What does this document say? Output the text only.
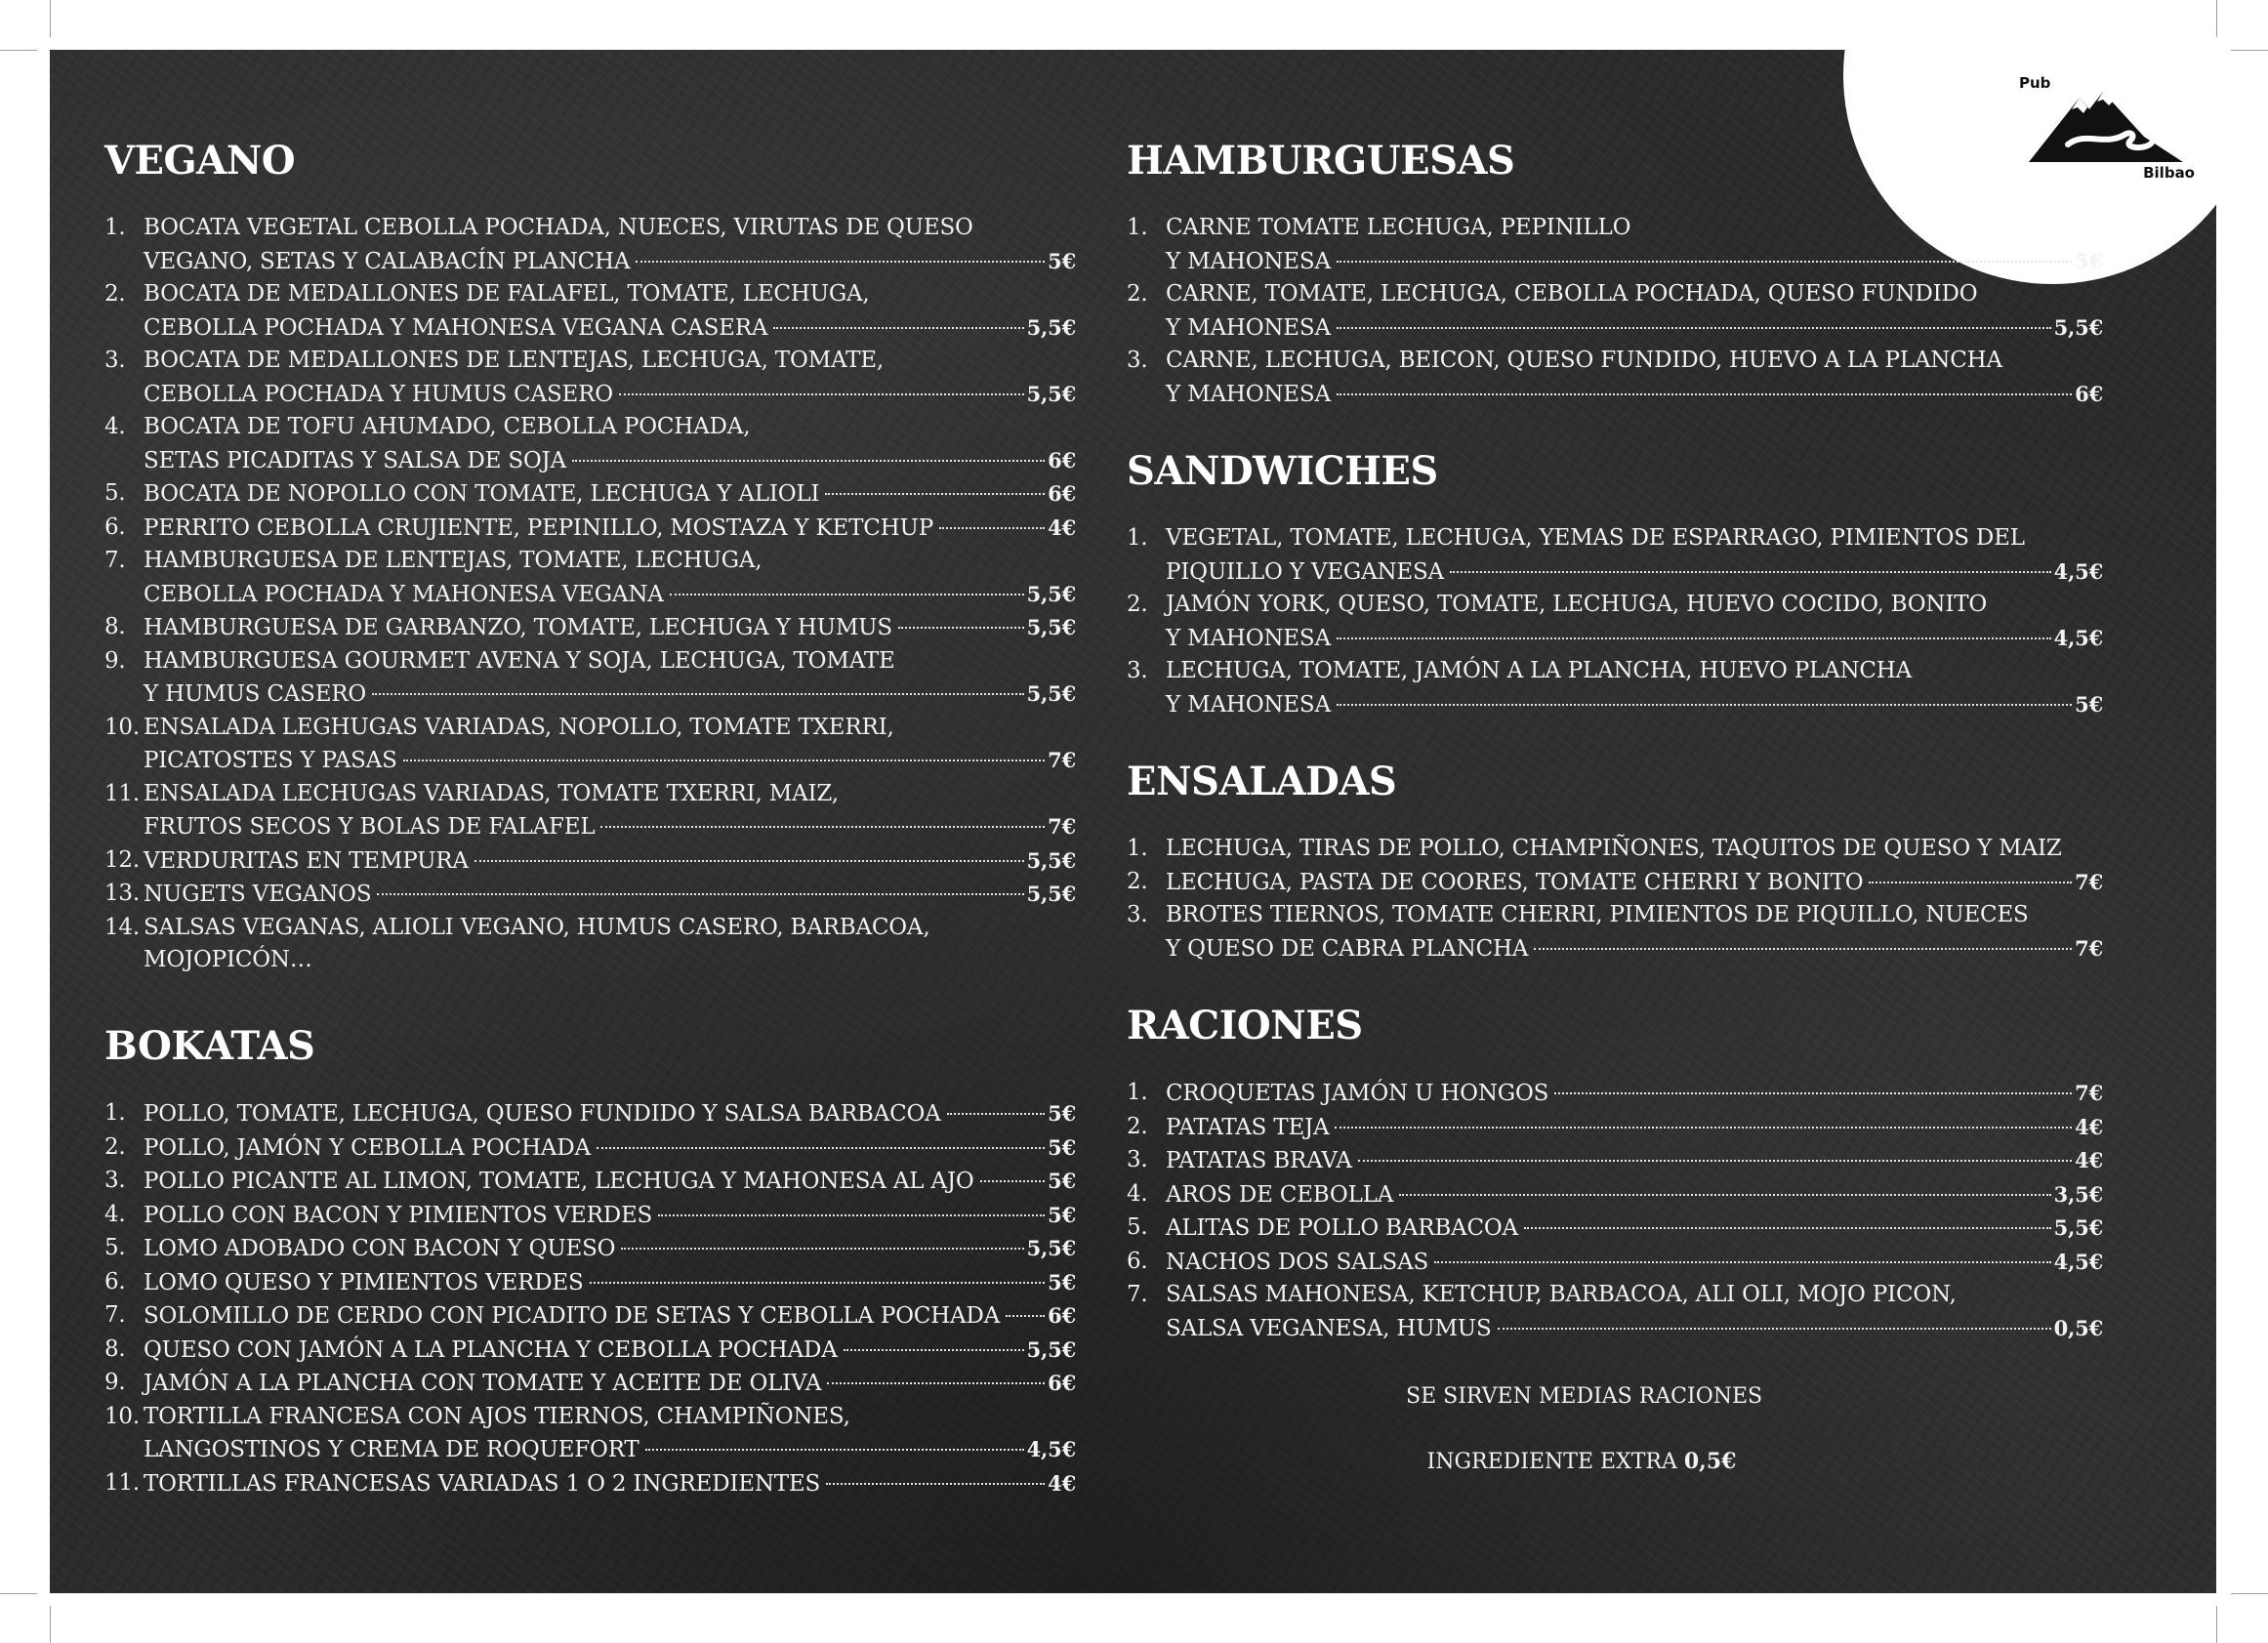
Pub
Bilbao
VEGANO
1. BOCATA VEGETAL CEBOLLA POCHADA, NUECES, VIRUTAS DE QUESO
VEGANO, SETAS Y CALABACÍN PLANCHA	5€
2. BOCATA DE MEDALLONES DE FALAFEL, TOMATE, LECHUGA,
CEBOLLA POCHADA Y MAHONESA VEGANA CASERA	5,5€
3. BOCATA DE MEDALLONES DE LENTEJAS, LECHUGA, TOMATE,
CEBOLLA POCHADA Y HUMUS CASERO	5,5€
4. BOCATA DE TOFU AHUMADO, CEBOLLA POCHADA,
SETAS PICADITAS Y SALSA DE SOJA	6€
5. BOCATA DE NOPOLLO CON TOMATE, LECHUGA Y ALIOLI	6€
6. PERRITO CEBOLLA CRUJIENTE, PEPINILLO, MOSTAZA Y KETCHUP	4€
7. HAMBURGUESA DE LENTEJAS, TOMATE, LECHUGA,
CEBOLLA POCHADA Y MAHONESA VEGANA	5,5€
8. HAMBURGUESA DE GARBANZO, TOMATE, LECHUGA Y HUMUS	5,5€
9. HAMBURGUESA GOURMET AVENA Y SOJA, LECHUGA, TOMATE
Y HUMUS CASERO	5,5€
10. ENSALADA LEGHUGAS VARIADAS, NOPOLLO, TOMATE TXERRI,
PICATOSTES Y PASAS	7€
11. ENSALADA LECHUGAS VARIADAS, TOMATE TXERRI, MAIZ,
FRUTOS SECOS Y BOLAS DE FALAFEL	7€
12. VERDURITAS EN TEMPURA	5,5€
13. NUGETS VEGANOS	5,5€
14. SALSAS VEGANAS, ALIOLI VEGANO, HUMUS CASERO, BARBACOA,
MOJOPICÓN…
BOKATAS
1. POLLO, TOMATE, LECHUGA, QUESO FUNDIDO Y SALSA BARBACOA	5€
2. POLLO, JAMÓN Y CEBOLLA POCHADA	5€
3. POLLO PICANTE AL LIMON, TOMATE, LECHUGA Y MAHONESA AL AJO	5€
4. POLLO CON BACON Y PIMIENTOS VERDES	5€
5. LOMO ADOBADO CON BACON Y QUESO	5,5€
6. LOMO QUESO Y PIMIENTOS VERDES	5€
7. SOLOMILLO DE CERDO CON PICADITO DE SETAS Y CEBOLLA POCHADA 6€
8. QUESO CON JAMÓN A LA PLANCHA Y CEBOLLA POCHADA	5,5€
9. JAMÓN A LA PLANCHA CON TOMATE Y ACEITE DE OLIVA	6€
10. TORTILLA FRANCESA CON AJOS TIERNOS, CHAMPIÑONES,
LANGOSTINOS Y CREMA DE ROQUEFORT	4,5€
11. TORTILLAS FRANCESAS VARIADAS 1 O 2 INGREDIENTES	4€
HAMBURGUESAS
1. CARNE TOMATE LECHUGA, PEPINILLO
Y MAHONESA	5€
2. CARNE, TOMATE, LECHUGA, CEBOLLA POCHADA, QUESO FUNDIDO
Y MAHONESA	5,5€
3. CARNE, LECHUGA, BEICON, QUESO FUNDIDO, HUEVO A LA PLANCHA
Y MAHONESA	6€
SANDWICHES
1. VEGETAL, TOMATE, LECHUGA, YEMAS DE ESPARRAGO, PIMIENTOS DEL
PIQUILLO Y VEGANESA	4,5€
2. JAMÓN YORK, QUESO, TOMATE, LECHUGA, HUEVO COCIDO, BONITO
Y MAHONESA	4,5€
3. LECHUGA, TOMATE, JAMÓN A LA PLANCHA, HUEVO PLANCHA
Y MAHONESA	5€
ENSALADAS
1. LECHUGA, TIRAS DE POLLO, CHAMPIÑONES, TAQUITOS DE QUESO Y MAIZ
2. LECHUGA, PASTA DE COORES, TOMATE CHERRI Y BONITO	7€
3. BROTES TIERNOS, TOMATE CHERRI, PIMIENTOS DE PIQUILLO, NUECES
Y QUESO DE CABRA PLANCHA	7€
RACIONES
1. CROQUETAS JAMÓN U HONGOS	7€
2. PATATAS TEJA	4€
3. PATATAS BRAVA	4€
4. AROS DE CEBOLLA	3,5€
5. ALITAS DE POLLO BARBACOA	5,5€
6. NACHOS DOS SALSAS	4,5€
7. SALSAS MAHONESA, KETCHUP, BARBACOA, ALI OLI, MOJO PICON,
SALSA VEGANESA, HUMUS	0,5€
SE SIRVEN MEDIAS RACIONES
INGREDIENTE EXTRA 0,5€
